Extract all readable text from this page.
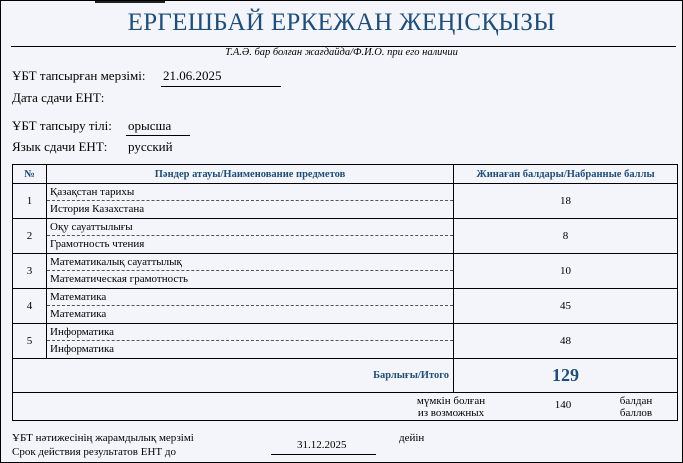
ЕРГЕШБАЙ ЕРКЕЖАН ЖЕҢІСҚЫЗЫ
Т.А.Ә. бар болған жағдайда/Ф.И.О. при его наличии
ҰБТ тапсырған мерзімі: 21.06.2025
Дата сдачи ЕНТ:
ҰБТ тапсыру тілі: орысша
Язык сдачи ЕНТ: русский
№	Пәндер атауы/Наименование предметов	Жинаған балдары/Набранные баллы
1	Қазақстан тарихы
История Казахстана	18
2	Оқу сауаттылығы
Грамотность чтения	8
3	Математикалық сауаттылық
Математическая грамотность	10
4	Математика
Математика	45
5	Информатика
Информатика	48
Барлығы/Итого		129

мүмкін болған
из возможных
140 балдан
баллов		
ҰБТ нәтижесінің жарамдылық мерзімі
Срок действия результатов ЕНТ до
31.12.2025
дейін
